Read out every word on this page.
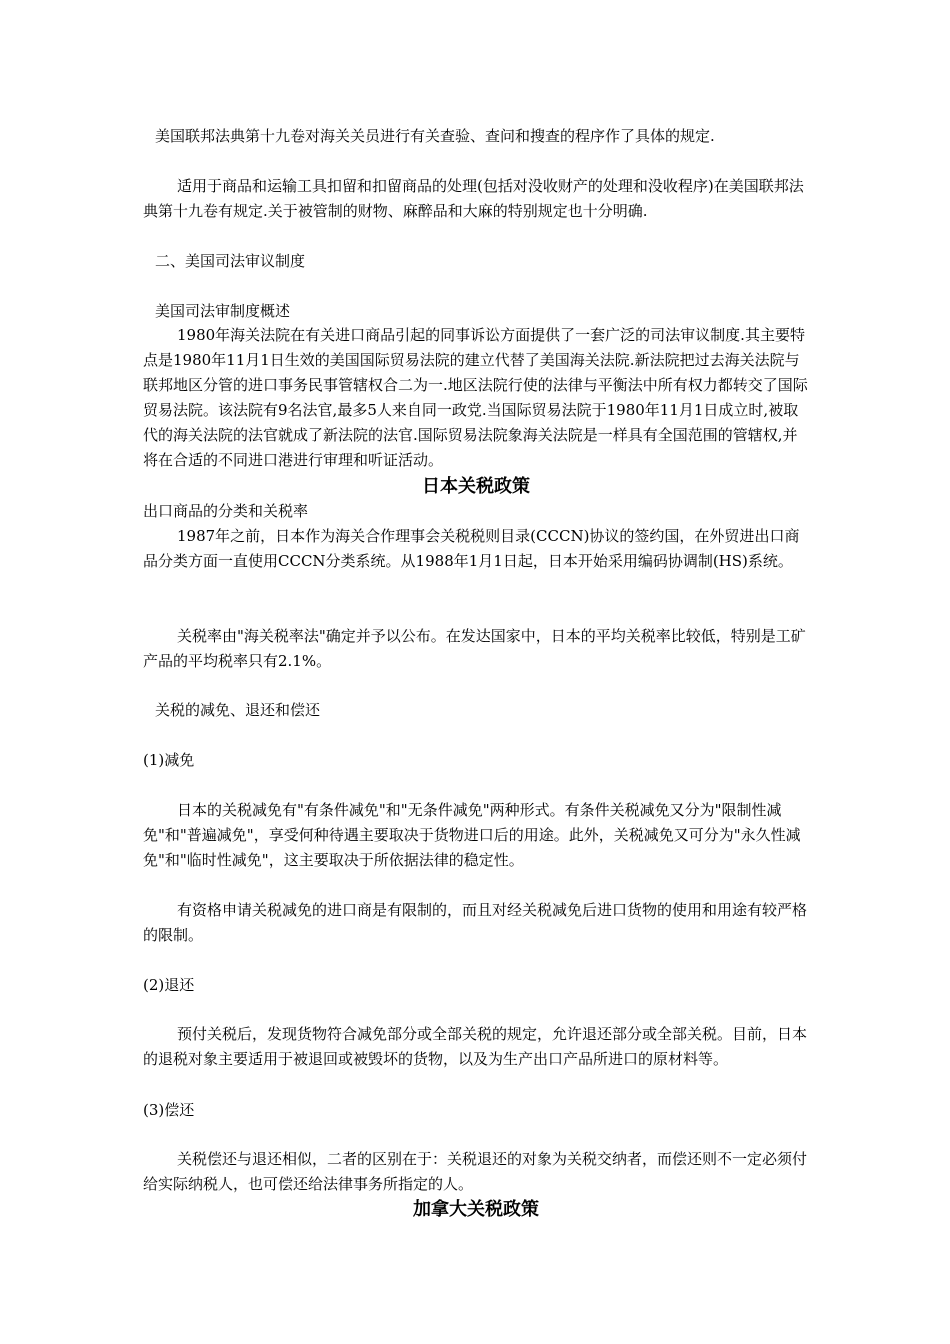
美国联邦法典第十九卷对海关关员进行有关查验、查问和搜查的程序作了具体的规定.
适用于商品和运输工具扣留和扣留商品的处理(包括对没收财产的处理和没收程序)在美国联邦法典第十九卷有规定.关于被管制的财物、麻醉品和大麻的特别规定也十分明确.
二、美国司法审议制度
美国司法审制度概述
1980年海关法院在有关进口商品引起的同事诉讼方面提供了一套广泛的司法审议制度.其主要特点是1980年11月1日生效的美国国际贸易法院的建立代替了美国海关法院.新法院把过去海关法院与联邦地区分管的进口事务民事管辖权合二为一.地区法院行使的法律与平衡法中所有权力都转交了国际贸易法院。该法院有9名法官,最多5人来自同一政党.当国际贸易法院于1980年11月1日成立时,被取代的海关法院的法官就成了新法院的法官.国际贸易法院象海关法院是一样具有全国范围的管辖权,并将在合适的不同进口港进行审理和听证活动。
日本关税政策
出口商品的分类和关税率
1987年之前，日本作为海关合作理事会关税税则目录(CCCN)协议的签约国，在外贸进出口商品分类方面一直使用CCCN分类系统。从1988年1月1日起，日本开始采用编码协调制(HS)系统。
关税率由"海关税率法"确定并予以公布。在发达国家中，日本的平均关税率比较低，特别是工矿产品的平均税率只有2.1%。
关税的减免、退还和偿还
(1)减免
日本的关税减免有"有条件减免"和"无条件减免"两种形式。有条件关税减免又分为"限制性减免"和"普遍减免"，享受何种待遇主要取决于货物进口后的用途。此外，关税减免又可分为"永久性减免"和"临时性减免"，这主要取决于所依据法律的稳定性。
有资格申请关税减免的进口商是有限制的，而且对经关税减免后进口货物的使用和用途有较严格的限制。
(2)退还
预付关税后，发现货物符合减免部分或全部关税的规定，允许退还部分或全部关税。目前，日本的退税对象主要适用于被退回或被毁坏的货物，以及为生产出口产品所进口的原材料等。
(3)偿还
关税偿还与退还相似，二者的区别在于：关税退还的对象为关税交纳者，而偿还则不一定必须付给实际纳税人，也可偿还给法律事务所指定的人。
加拿大关税政策
